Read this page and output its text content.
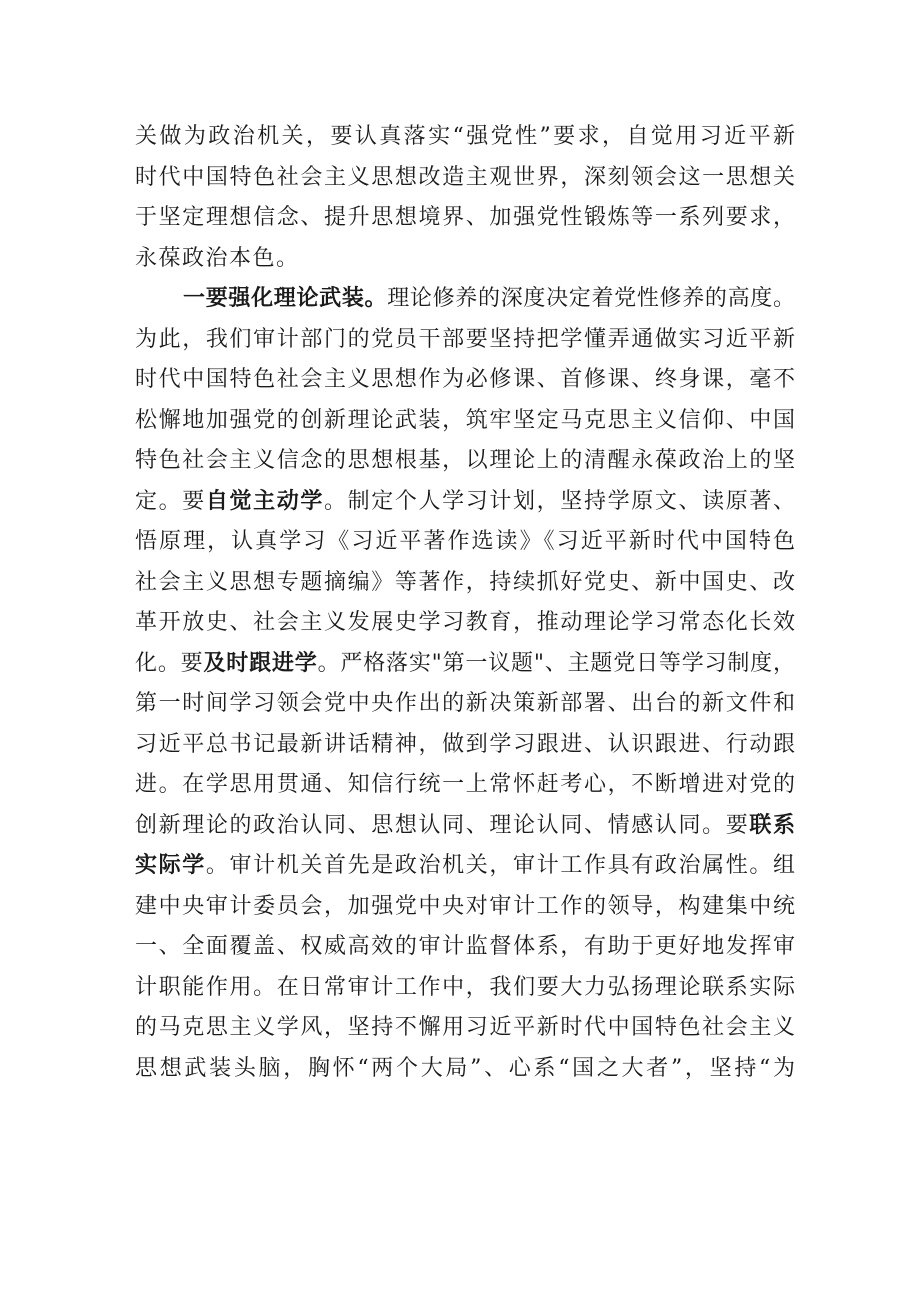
关做为政治机关，要认真落实“强党性”要求，自觉用习近平新
时代中国特色社会主义思想改造主观世界，深刻领会这一思想关
于坚定理想信念、提升思想境界、加强党性锻炼等一系列要求，
永葆政治本色。
一要强化理论武装。理论修养的深度决定着党性修养的高度。
为此，我们审计部门的党员干部要坚持把学懂弄通做实习近平新
时代中国特色社会主义思想作为必修课、首修课、终身课，毫不
松懈地加强党的创新理论武装，筑牢坚定马克思主义信仰、中国
特色社会主义信念的思想根基，以理论上的清醒永葆政治上的坚
定。要自觉主动学。制定个人学习计划，坚持学原文、读原著、
悟原理，认真学习《习近平著作选读》《习近平新时代中国特色
社会主义思想专题摘编》等著作，持续抓好党史、新中国史、改
革开放史、社会主义发展史学习教育，推动理论学习常态化长效
化。要及时跟进学。严格落实"第一议题"、主题党日等学习制度，
第一时间学习领会党中央作出的新决策新部署、出台的新文件和
习近平总书记最新讲话精神，做到学习跟进、认识跟进、行动跟
进。在学思用贯通、知信行统一上常怀赶考心，不断增进对党的
创新理论的政治认同、思想认同、理论认同、情感认同。要联系
实际学。审计机关首先是政治机关，审计工作具有政治属性。组
建中央审计委员会，加强党中央对审计工作的领导，构建集中统
一、全面覆盖、权威高效的审计监督体系，有助于更好地发挥审
计职能作用。在日常审计工作中，我们要大力弘扬理论联系实际
的马克思主义学风，坚持不懈用习近平新时代中国特色社会主义
思想武装头脑，胸怀“两个大局”、心系“国之大者”，坚持“为
